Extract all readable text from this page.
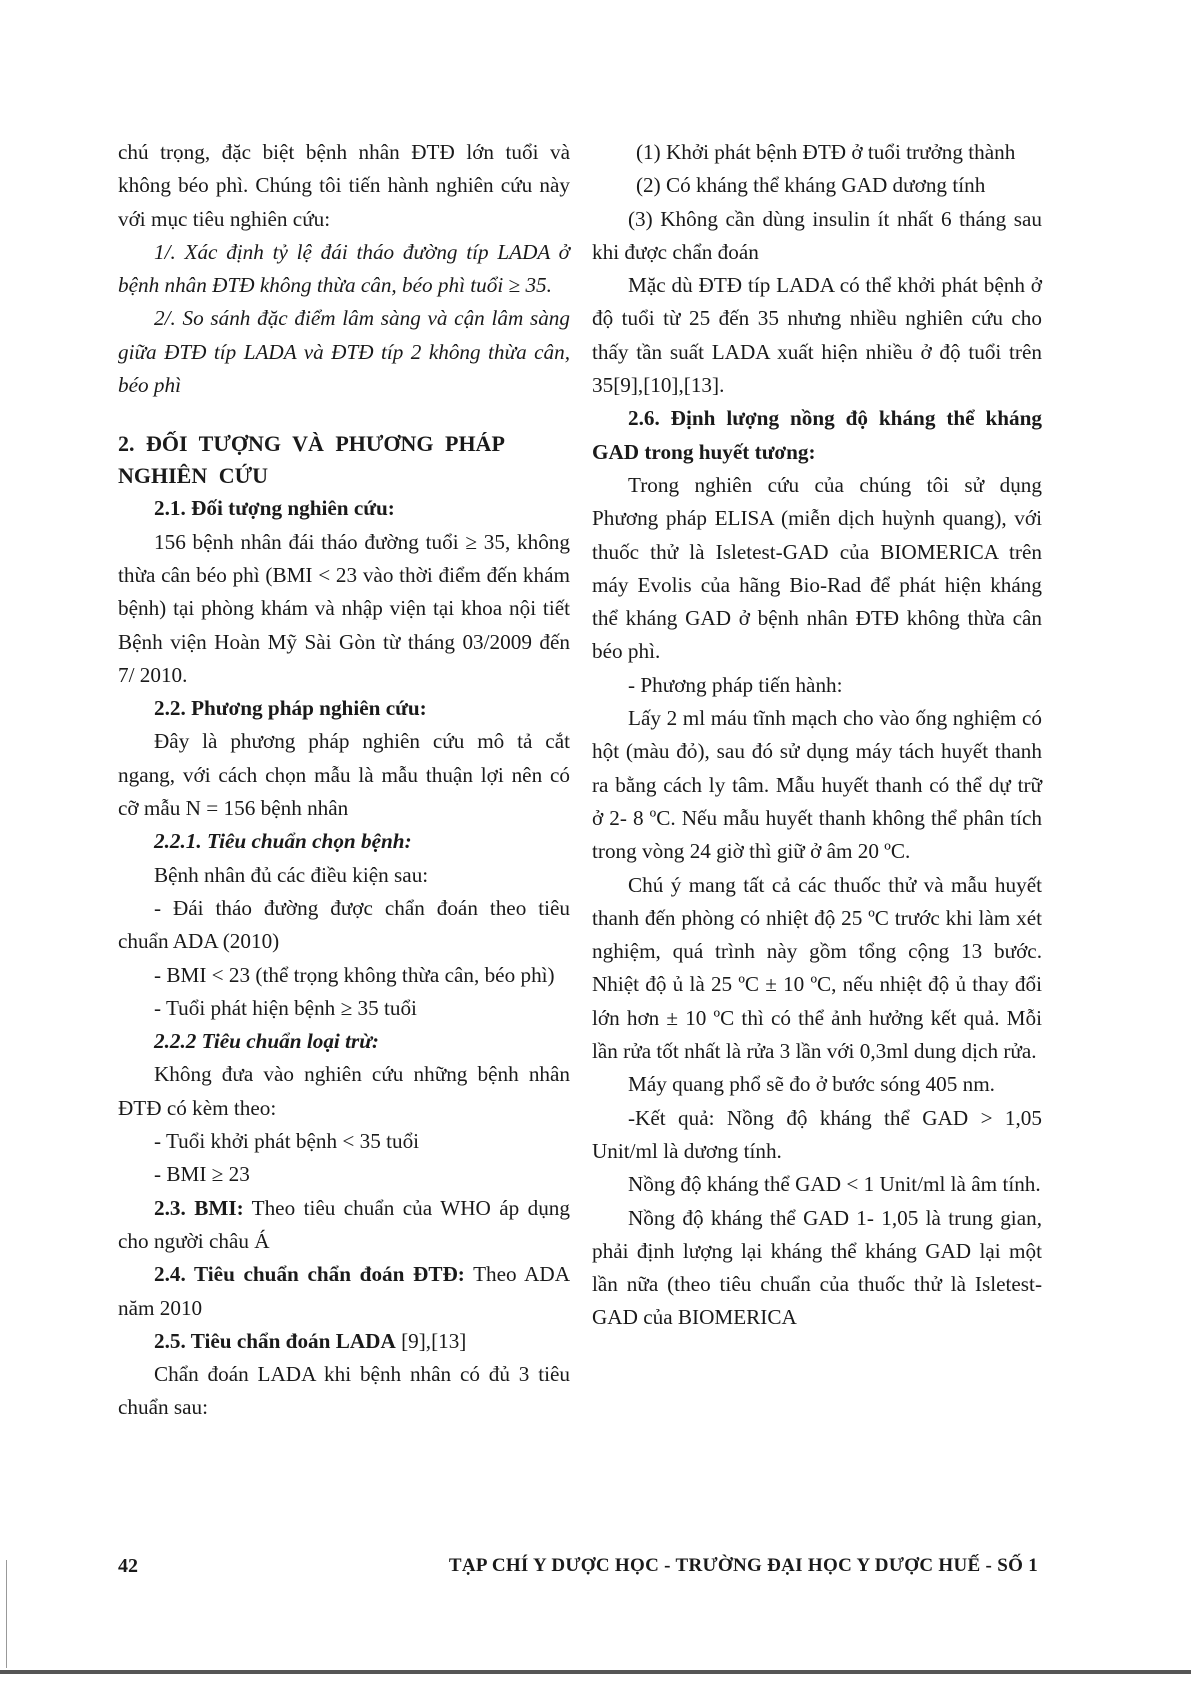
chú trọng, đặc biệt bệnh nhân ĐTĐ lớn tuổi và không béo phì. Chúng tôi tiến hành nghiên cứu này với mục tiêu nghiên cứu:

1/. Xác định tỷ lệ đái tháo đường típ LADA ở bệnh nhân ĐTĐ không thừa cân, béo phì tuổi ≥ 35.

2/. So sánh đặc điểm lâm sàng và cận lâm sàng giữa ĐTĐ típ LADA và ĐTĐ típ 2 không thừa cân, béo phì

2. ĐỐI TƯỢNG VÀ PHƯƠNG PHÁP NGHIÊN CỨU

2.1. Đối tượng nghiên cứu:

156 bệnh nhân đái tháo đường tuổi ≥ 35, không thừa cân béo phì (BMI < 23 vào thời điểm đến khám bệnh) tại phòng khám và nhập viện tại khoa nội tiết Bệnh viện Hoàn Mỹ Sài Gòn từ tháng 03/2009 đến 7/ 2010.

2.2. Phương pháp nghiên cứu:

Đây là phương pháp nghiên cứu mô tả cắt ngang, với cách chọn mẫu là mẫu thuận lợi nên có cỡ mẫu N = 156 bệnh nhân

2.2.1. Tiêu chuẩn chọn bệnh:

Bệnh nhân đủ các điều kiện sau:

- Đái tháo đường được chẩn đoán theo tiêu chuẩn ADA (2010)

- BMI < 23 (thể trọng không thừa cân, béo phì)

- Tuổi phát hiện bệnh ≥ 35 tuổi

2.2.2 Tiêu chuẩn loại trừ:

Không đưa vào nghiên cứu những bệnh nhân ĐTĐ có kèm theo:

- Tuổi khởi phát bệnh < 35 tuổi

- BMI ≥ 23

2.3. BMI: Theo tiêu chuẩn của WHO áp dụng cho người châu Á

2.4. Tiêu chuẩn chẩn đoán ĐTĐ: Theo ADA năm 2010

2.5. Tiêu chẩn đoán LADA [9],[13]

Chẩn đoán LADA khi bệnh nhân có đủ 3 tiêu chuẩn sau:

(1) Khởi phát bệnh ĐTĐ ở tuổi trưởng thành

(2) Có kháng thể kháng GAD dương tính

(3) Không cần dùng insulin ít nhất 6 tháng sau khi được chẩn đoán

Mặc dù ĐTĐ típ LADA có thể khởi phát bệnh ở độ tuổi từ 25 đến 35 nhưng nhiều nghiên cứu cho thấy tần suất LADA xuất hiện nhiều ở độ tuổi trên 35[9],[10],[13].

2.6. Định lượng nồng độ kháng thể kháng GAD trong huyết tương:

Trong nghiên cứu của chúng tôi sử dụng Phương pháp ELISA (miễn dịch huỳnh quang), với thuốc thử là Isletest-GAD của BIOMERICA trên máy Evolis của hãng Bio-Rad để phát hiện kháng thể kháng GAD ở bệnh nhân ĐTĐ không thừa cân béo phì.

- Phương pháp tiến hành:

Lấy 2 ml máu tĩnh mạch cho vào ống nghiệm có hột (màu đỏ), sau đó sử dụng máy tách huyết thanh ra bằng cách ly tâm. Mẫu huyết thanh có thể dự trữ ở 2- 8 ºC. Nếu mẫu huyết thanh không thể phân tích trong vòng 24 giờ thì giữ ở âm 20 ºC.

Chú ý mang tất cả các thuốc thử và mẫu huyết thanh đến phòng có nhiệt độ 25 ºC trước khi làm xét nghiệm, quá trình này gồm tổng cộng 13 bước. Nhiệt độ ủ là 25 ºC ± 10 ºC, nếu nhiệt độ ủ thay đổi lớn hơn ± 10 ºC thì có thể ảnh hưởng kết quả. Mỗi lần rửa tốt nhất là rửa 3 lần với 0,3ml dung dịch rửa.

Máy quang phổ sẽ đo ở bước sóng 405 nm.

-Kết quả: Nồng độ kháng thể GAD > 1,05 Unit/ml là dương tính.

Nồng độ kháng thể GAD < 1 Unit/ml là âm tính.

Nồng độ kháng thể GAD 1- 1,05 là trung gian, phải định lượng lại kháng thể kháng GAD lại một lần nữa (theo tiêu chuẩn của thuốc thử là Isletest-GAD của BIOMERICA

42	TẠP CHÍ Y DƯỢC HỌC - TRƯỜNG ĐẠI HỌC Y DƯỢC HUẾ - SỐ 1
